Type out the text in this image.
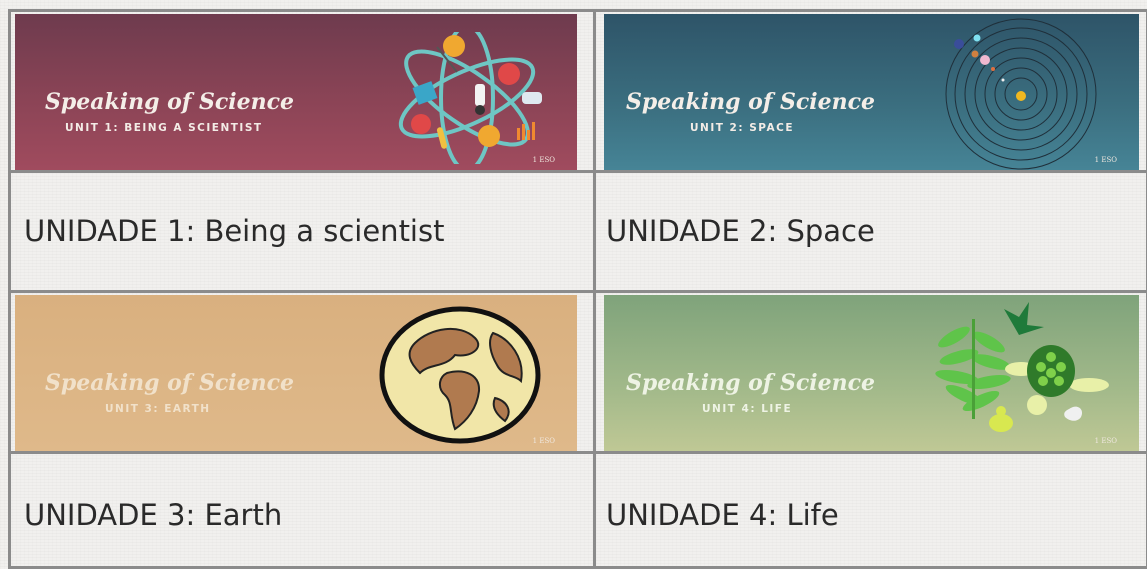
Speaking of Science
UNIT 1: BEING A SCIENTIST
1 ESO
Speaking of Science
UNIT 2: SPACE
1 ESO
Speaking of Science
UNIT 3: EARTH
1 ESO
Speaking of Science
UNIT 4: LIFE
1 ESO
UNIDADE 1: Being a scientist	UNIDADE 2: Space
UNIDADE 3: Earth	UNIDADE 4: Life
